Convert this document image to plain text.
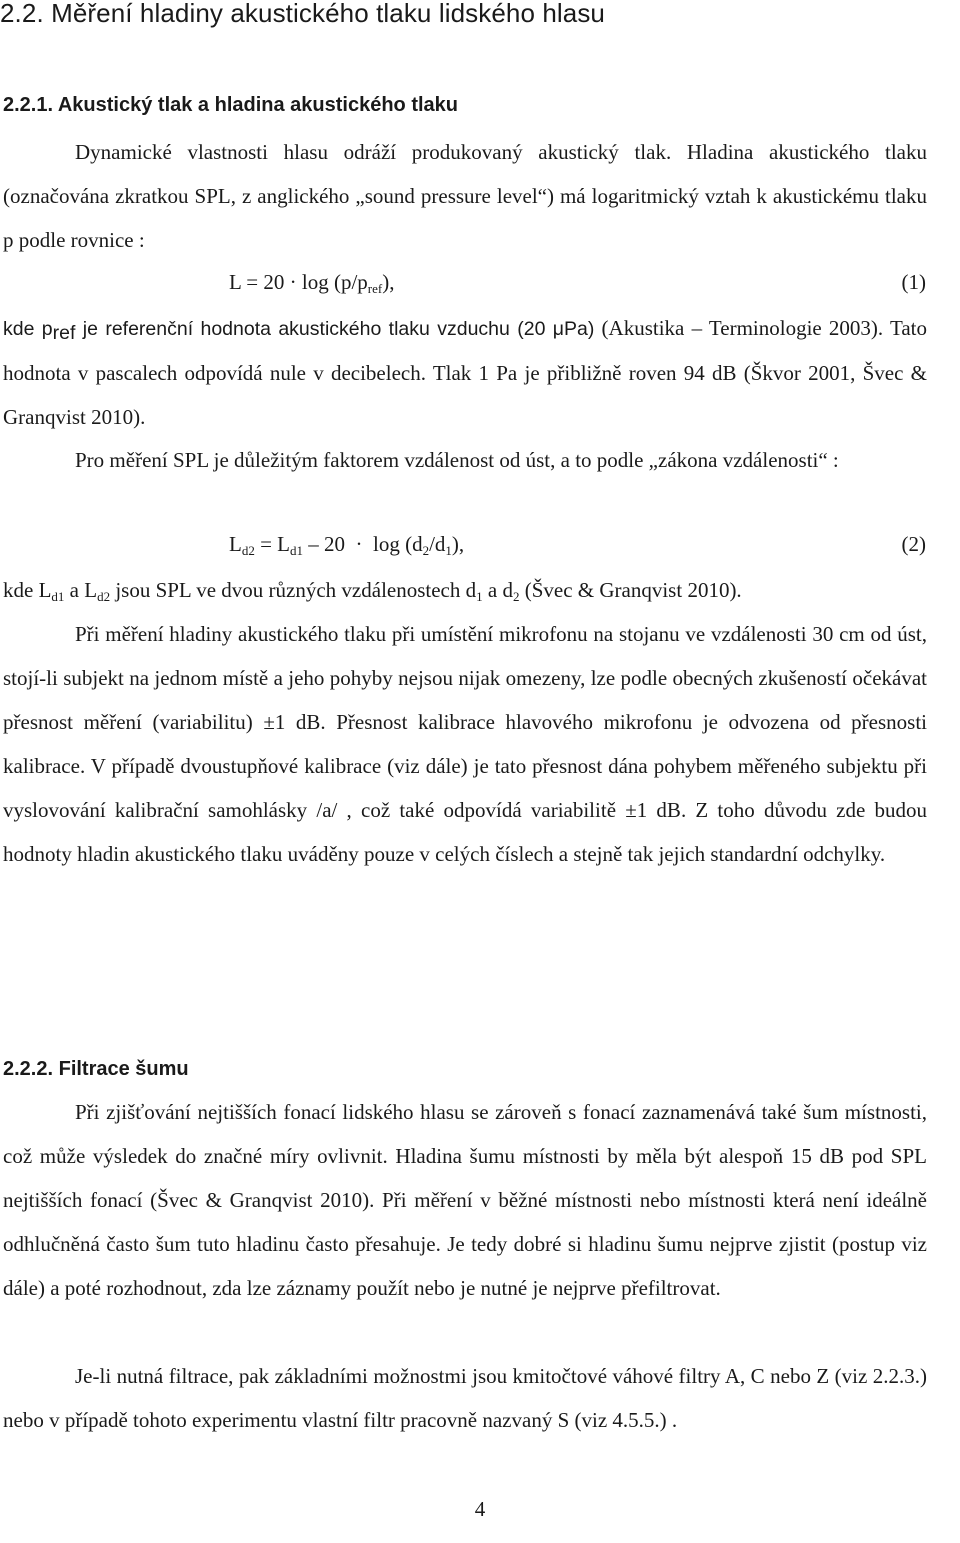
2.2. Měření hladiny akustického tlaku lidského hlasu
2.2.1. Akustický tlak a hladina akustického tlaku

Dynamické vlastnosti hlasu odráží produkovaný akustický tlak. Hladina akustického tlaku (označována zkratkou SPL, z anglického „sound pressure level“) má logaritmický vztah k akustickému tlaku p podle rovnice :

$L = 20 \cdot \log (p/p_{ref})$,	(1)

kde $p_{ref}$ je referenční hodnota akustického tlaku vzduchu (20 μPa) (Akustika – Terminologie 2003). Tato hodnota v pascalech odpovídá nule v decibelech. Tlak 1 Pa je přibližně roven 94 dB (Škvor 2001, Švec & Granqvist 2010).

Pro měření SPL je důležitým faktorem vzdálenost od úst, a to podle „zákona vzdálenosti“ :

$L_{d2} = L_{d1} - 20 \cdot \log (d_2/d_1)$,	(2)

kde $L_{d1}$ a $L_{d2}$ jsou SPL ve dvou různých vzdálenostech $d_1$ a $d_2$ (Švec & Granqvist 2010).

Při měření hladiny akustického tlaku při umístění mikrofonu na stojanu ve vzdálenosti 30 cm od úst, stojí-li subjekt na jednom místě a jeho pohyby nejsou nijak omezeny, lze podle obecných zkušeností očekávat přesnost měření (variabilitu) ±1 dB. Přesnost kalibrace hlavového mikrofonu je odvozena od přesnosti kalibrace. V případě dvoustupňové kalibrace (viz dále) je tato přesnost dána pohybem měřeného subjektu při vyslovování kalibrační samohlásky /a/ , což také odpovídá variabilitě ±1 dB. Z toho důvodu zde budou hodnoty hladin akustického tlaku uváděny pouze v celých číslech a stejně tak jejich standardní odchylky.

2.2.2. Filtrace šumu

Při zjišťování nejtišších fonací lidského hlasu se zároveň s fonací zaznamenává také šum místnosti, což může výsledek do značné míry ovlivnit. Hladina šumu místnosti by měla být alespoň 15 dB pod SPL nejtišších fonací (Švec & Granqvist 2010). Při měření v běžné místnosti nebo místnosti která není ideálně odhlučněná často šum tuto hladinu často přesahuje. Je tedy dobré si hladinu šumu nejprve zjistit (postup viz dále) a poté rozhodnout, zda lze záznamy použít nebo je nutné je nejprve přefiltrovat.

Je-li nutná filtrace, pak základními možnostmi jsou kmitočtové váhové filtry A, C nebo Z (viz 2.2.3.) nebo v případě tohoto experimentu vlastní filtr pracovně nazvaný S (viz 4.5.5.) .

4
